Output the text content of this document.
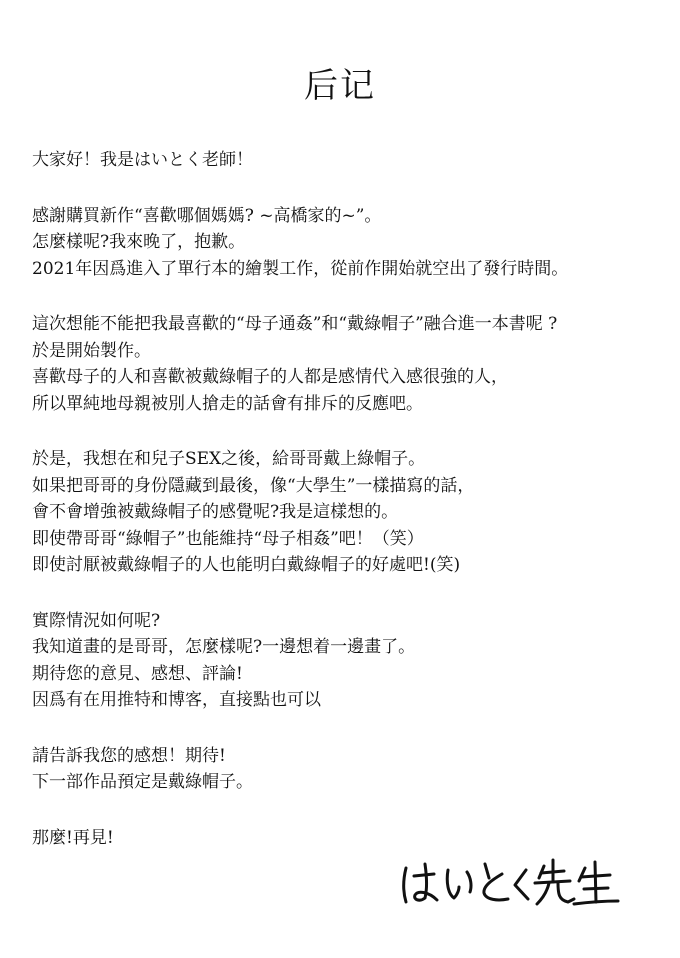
后记
大家好！我是はいとく老師！
感謝購買新作“喜歡哪個媽媽? ~高橋家的~”。
怎麼樣呢?我來晚了，抱歉。
2021年因爲進入了單行本的繪製工作，從前作開始就空出了發行時間。
這次想能不能把我最喜歡的“母子通姦”和“戴綠帽子”融合進一本書呢 ?
於是開始製作。
喜歡母子的人和喜歡被戴綠帽子的人都是感情代入感很強的人，
所以單純地母親被別人搶走的話會有排斥的反應吧。
於是，我想在和兒子SEX之後，給哥哥戴上綠帽子。
如果把哥哥的身份隱藏到最後，像“大學生”一樣描寫的話，
會不會增強被戴綠帽子的感覺呢?我是這樣想的。
即使帶哥哥“綠帽子”也能維持“母子相姦”吧！（笑）
即使討厭被戴綠帽子的人也能明白戴綠帽子的好處吧!(笑)
實際情況如何呢?
我知道畫的是哥哥，怎麼樣呢?一邊想着一邊畫了。
期待您的意見、感想、評論!
因爲有在用推特和博客，直接點也可以
請告訴我您的感想！期待!
下一部作品預定是戴綠帽子。
那麼!再見!
